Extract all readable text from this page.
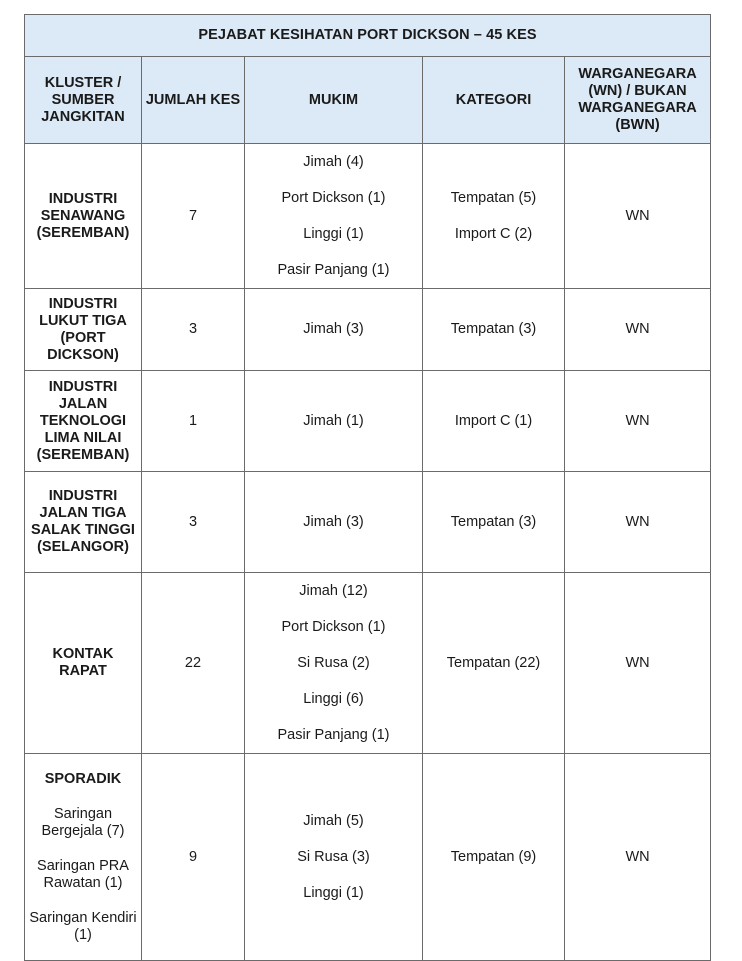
PEJABAT KESIHATAN PORT DICKSON – 45 KES				
KLUSTER / SUMBER JANGKITAN	JUMLAH KES	MUKIM	KATEGORI	WARGANEGARA (WN) / BUKAN WARGANEGARA (BWN)
INDUSTRI SENAWANG (SEREMBAN)	7	Jimah (4)
Port Dickson (1)
Linggi (1)
Pasir Panjang (1)	Tempatan (5)
Import C (2)	WN
INDUSTRI LUKUT TIGA (PORT DICKSON)	3	Jimah (3)	Tempatan (3)	WN
INDUSTRI JALAN TEKNOLOGI LIMA NILAI (SEREMBAN)	1	Jimah (1)	Import C (1)	WN
INDUSTRI JALAN TIGA SALAK TINGGI (SELANGOR)	3	Jimah (3)	Tempatan (3)	WN
KONTAK RAPAT	22	Jimah (12)
Port Dickson (1)
Si Rusa (2)
Linggi (6)
Pasir Panjang (1)	Tempatan (22)	WN

SPORADIK
Saringan Bergejala (7)
Saringan PRA Rawatan (1)
Saringan Kendiri (1)	9	Jimah (5)
Si Rusa (3)
Linggi (1)	Tempatan (9)	WN
